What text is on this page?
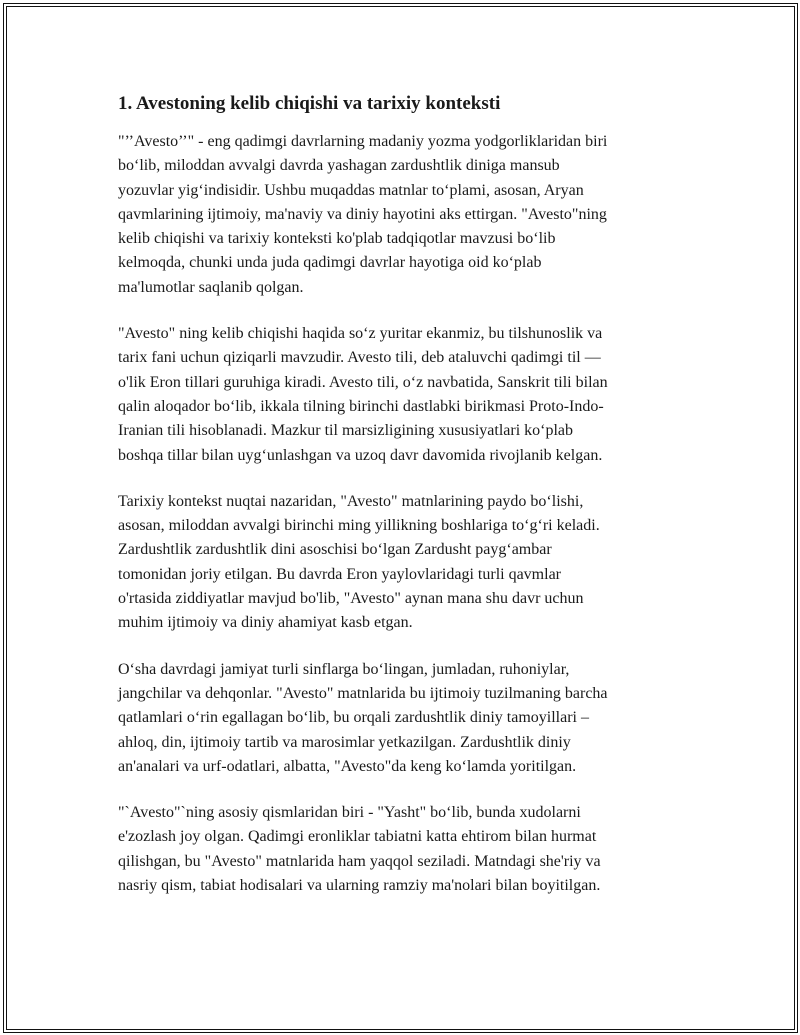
1. Avestoning kelib chiqishi va tarixiy konteksti

"’’Avesto’’" - eng qadimgi davrlarning madaniy yozma yodgorliklaridan biri
bo‘lib, miloddan avvalgi davrda yashagan zardushtlik diniga mansub
yozuvlar yig‘indisidir. Ushbu muqaddas matnlar to‘plami, asosan, Aryan
qavmlarining ijtimoiy, ma'naviy va diniy hayotini aks ettirgan. "Avesto"ning
kelib chiqishi va tarixiy konteksti ko'plab tadqiqotlar mavzusi bo‘lib
kelmoqda, chunki unda juda qadimgi davrlar hayotiga oid ko‘plab
ma'lumotlar saqlanib qolgan.

"Avesto" ning kelib chiqishi haqida so‘z yuritar ekanmiz, bu tilshunoslik va
tarix fani uchun qiziqarli mavzudir. Avesto tili, deb ataluvchi qadimgi til —
o'lik Eron tillari guruhiga kiradi. Avesto tili, o‘z navbatida, Sanskrit tili bilan
qalin aloqador bo‘lib, ikkala tilning birinchi dastlabki birikmasi Proto-Indo-
Iranian tili hisoblanadi. Mazkur til marsizligining xususiyatlari ko‘plab
boshqa tillar bilan uyg‘unlashgan va uzoq davr davomida rivojlanib kelgan.

Tarixiy kontekst nuqtai nazaridan, "Avesto" matnlarining paydo bo‘lishi,
asosan, miloddan avvalgi birinchi ming yillikning boshlariga to‘g‘ri keladi.
Zardushtlik zardushtlik dini asoschisi bo‘lgan Zardusht payg‘ambar
tomonidan joriy etilgan. Bu davrda Eron yaylovlaridagi turli qavmlar
o'rtasida ziddiyatlar mavjud bo'lib, "Avesto" aynan mana shu davr uchun
muhim ijtimoiy va diniy ahamiyat kasb etgan.

O‘sha davrdagi jamiyat turli sinflarga bo‘lingan, jumladan, ruhoniylar,
jangchilar va dehqonlar. "Avesto" matnlarida bu ijtimoiy tuzilmaning barcha
qatlamlari o‘rin egallagan bo‘lib, bu orqali zardushtlik diniy tamoyillari –
ahloq, din, ijtimoiy tartib va marosimlar yetkazilgan. Zardushtlik diniy
an'analari va urf-odatlari, albatta, "Avesto"da keng ko‘lamda yoritilgan.

"`Avesto"`ning asosiy qismlaridan biri - "Yasht" bo‘lib, bunda xudolarni
e'zozlash joy olgan. Qadimgi eronliklar tabiatni katta ehtirom bilan hurmat
qilishgan, bu "Avesto" matnlarida ham yaqqol seziladi. Matndagi she'riy va
nasriy qism, tabiat hodisalari va ularning ramziy ma'nolari bilan boyitilgan.
